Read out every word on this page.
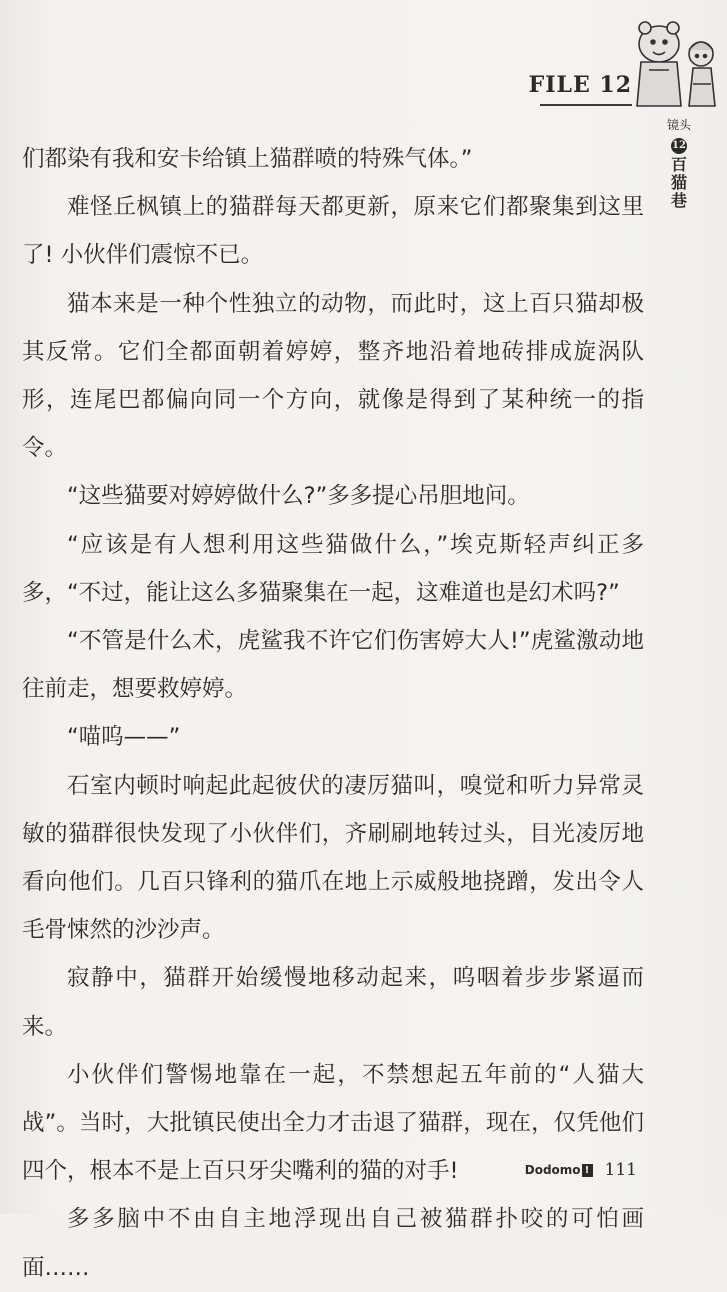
FILE 12
镜头
12
百
猫
巷

们都染有我和安卡给镇上猫群喷的特殊气体。”

难怪丘枫镇上的猫群每天都更新，原来它们都聚集到这里了! 小伙伴们震惊不已。

猫本来是一种个性独立的动物，而此时，这上百只猫却极其反常。它们全都面朝着婷婷，整齐地沿着地砖排成旋涡队形，连尾巴都偏向同一个方向，就像是得到了某种统一的指令。

“这些猫要对婷婷做什么?”多多提心吊胆地问。

“应该是有人想利用这些猫做什么，”埃克斯轻声纠正多多，“不过，能让这么多猫聚集在一起，这难道也是幻术吗?”

“不管是什么术，虎鲨我不许它们伤害婷大人!”虎鲨激动地往前走，想要救婷婷。

“喵呜——”

石室内顿时响起此起彼伏的凄厉猫叫，嗅觉和听力异常灵敏的猫群很快发现了小伙伴们，齐刷刷地转过头，目光凌厉地看向他们。几百只锋利的猫爪在地上示威般地挠蹭，发出令人毛骨悚然的沙沙声。

寂静中，猫群开始缓慢地移动起来，呜咽着步步紧逼而来。

小伙伴们警惕地靠在一起，不禁想起五年前的“人猫大战”。当时，大批镇民使出全力才击退了猫群，现在，仅凭他们四个，根本不是上百只牙尖嘴利的猫的对手!

多多脑中不由自主地浮现出自己被猫群扑咬的可怕画面……

Dodomo ! 111
